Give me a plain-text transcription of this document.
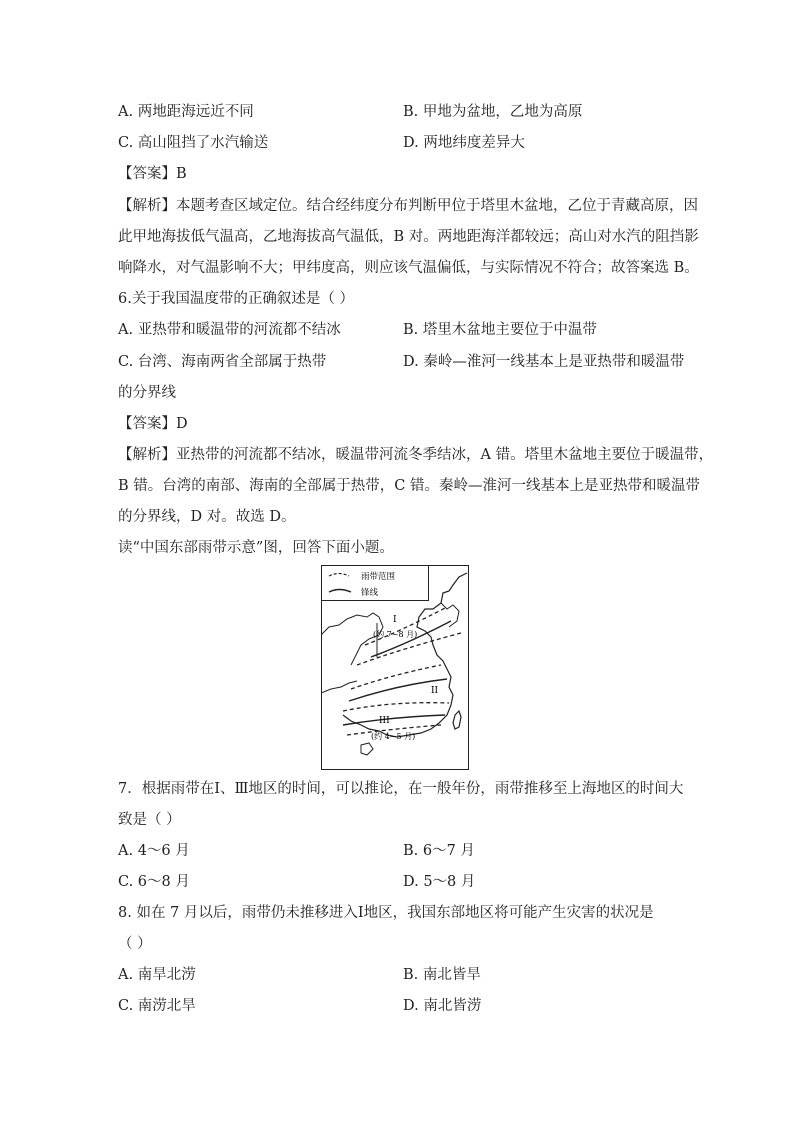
A. 两地距海远近不同	B. 甲地为盆地，乙地为高原
C. 高山阻挡了水汽输送	D. 两地纬度差异大
【答案】B
【解析】本题考查区域定位。结合经纬度分布判断甲位于塔里木盆地，乙位于青藏高原，因
此甲地海拔低气温高，乙地海拔高气温低，B 对。两地距海洋都较远；高山对水汽的阻挡影
响降水，对气温影响不大；甲纬度高，则应该气温偏低，与实际情况不符合；故答案选 B。
6.关于我国温度带的正确叙述是（ ）
A. 亚热带和暖温带的河流都不结冰	B. 塔里木盆地主要位于中温带
C. 台湾、海南两省全部属于热带	D. 秦岭—淮河一线基本上是亚热带和暖温带
的分界线
【答案】D
【解析】亚热带的河流都不结冰，暖温带河流冬季结冰，A 错。塔里木盆地主要位于暖温带，
B 错。台湾的南部、海南的全部属于热带，C 错。秦岭—淮河一线基本上是亚热带和暖温带
的分界线，D 对。故选 D。
读“中国东部雨带示意”图，回答下面小题。
雨带范围
锋线
I
(约 7~8 月)
II
III
(约 4~5 月)
7．根据雨带在Ⅰ、Ⅲ地区的时间，可以推论，在一般年份，雨带推移至上海地区的时间大
致是（ ）
A. 4～6 月	B. 6～7 月
C. 6～8 月	D. 5～8 月
8. 如在 7 月以后，雨带仍未推移进入Ⅰ地区，我国东部地区将可能产生灾害的状况是
（ ）
A. 南旱北涝	B. 南北皆旱
C. 南涝北旱	D. 南北皆涝
